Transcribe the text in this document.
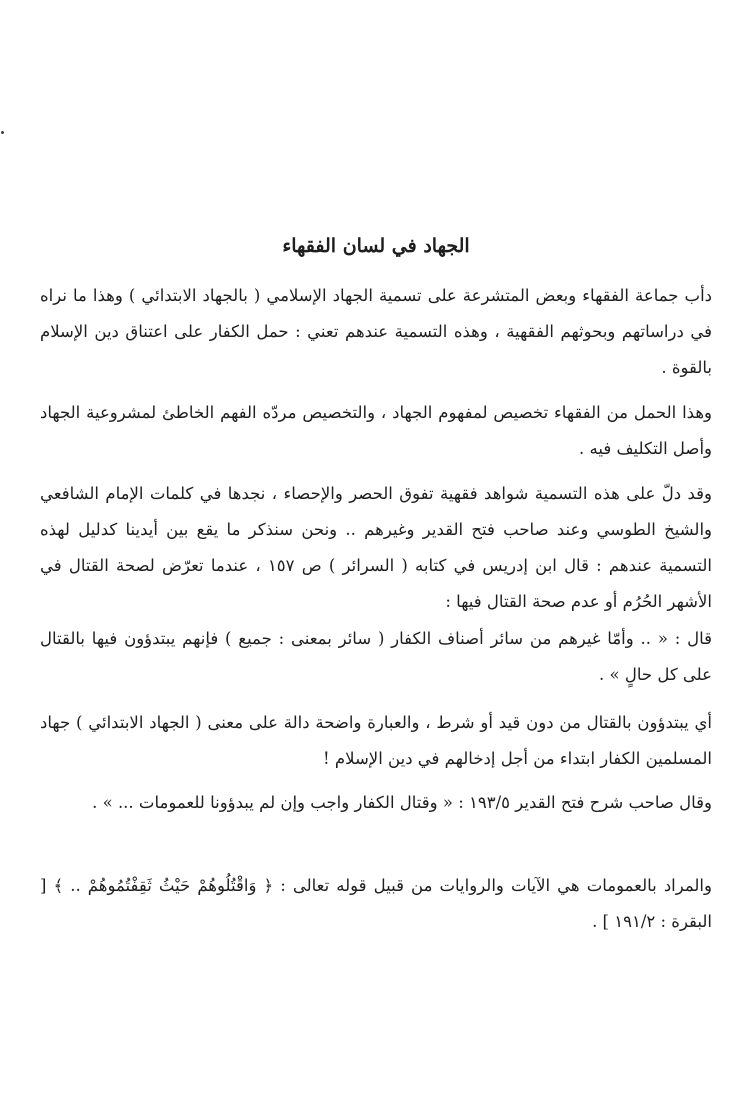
الجهاد في لسان الفقهاء

دأب جماعة الفقهاء وبعض المتشرعة على تسمية الجهاد الإسلامي ( بالجهاد الابتدائي ) وهذا ما نراه في دراساتهم وبحوثهم الفقهية ، وهذه التسمية عندهم تعني : حمل الكفار على اعتناق دين الإسلام بالقوة .

وهذا الحمل من الفقهاء تخصيص لمفهوم الجهاد ، والتخصيص مردّه الفهم الخاطئ لمشروعية الجهاد وأصل التكليف فيه .

وقد دلّ على هذه التسمية شواهد فقهية تفوق الحصر والإحصاء ، نجدها في كلمات الإمام الشافعي والشيخ الطوسي وعند صاحب فتح القدير وغيرهم .. ونحن سنذكر ما يقع بين أيدينا كدليل لهذه التسمية عندهم : قال ابن إدريس في كتابه ( السرائر ) ص ١٥٧ ، عندما تعرّض لصحة القتال في الأشهر الحُرُم أو عدم صحة القتال فيها :

قال : « .. وأمّا غيرهم من سائر أصناف الكفار ( سائر بمعنى : جميع ) فإنهم يبتدؤون فيها بالقتال على كل حالٍ » .

أي يبتدؤون بالقتال من دون قيد أو شرط ، والعبارة واضحة دالة على معنى ( الجهاد الابتدائي ) جهاد المسلمين الكفار ابتداء من أجل إدخالهم في دين الإسلام !

وقال صاحب شرح فتح القدير ١٩٣/٥ : « وقتال الكفار واجب وإن لم يبدؤونا للعمومات ... » .

والمراد بالعمومات هي الآيات والروايات من قبيل قوله تعالى : ﴿ وَاقْتُلُوهُمْ حَيْثُ ثَقِفْتُمُوهُمْ .. ﴾ [ البقرة : ١٩١/٢ ] .
